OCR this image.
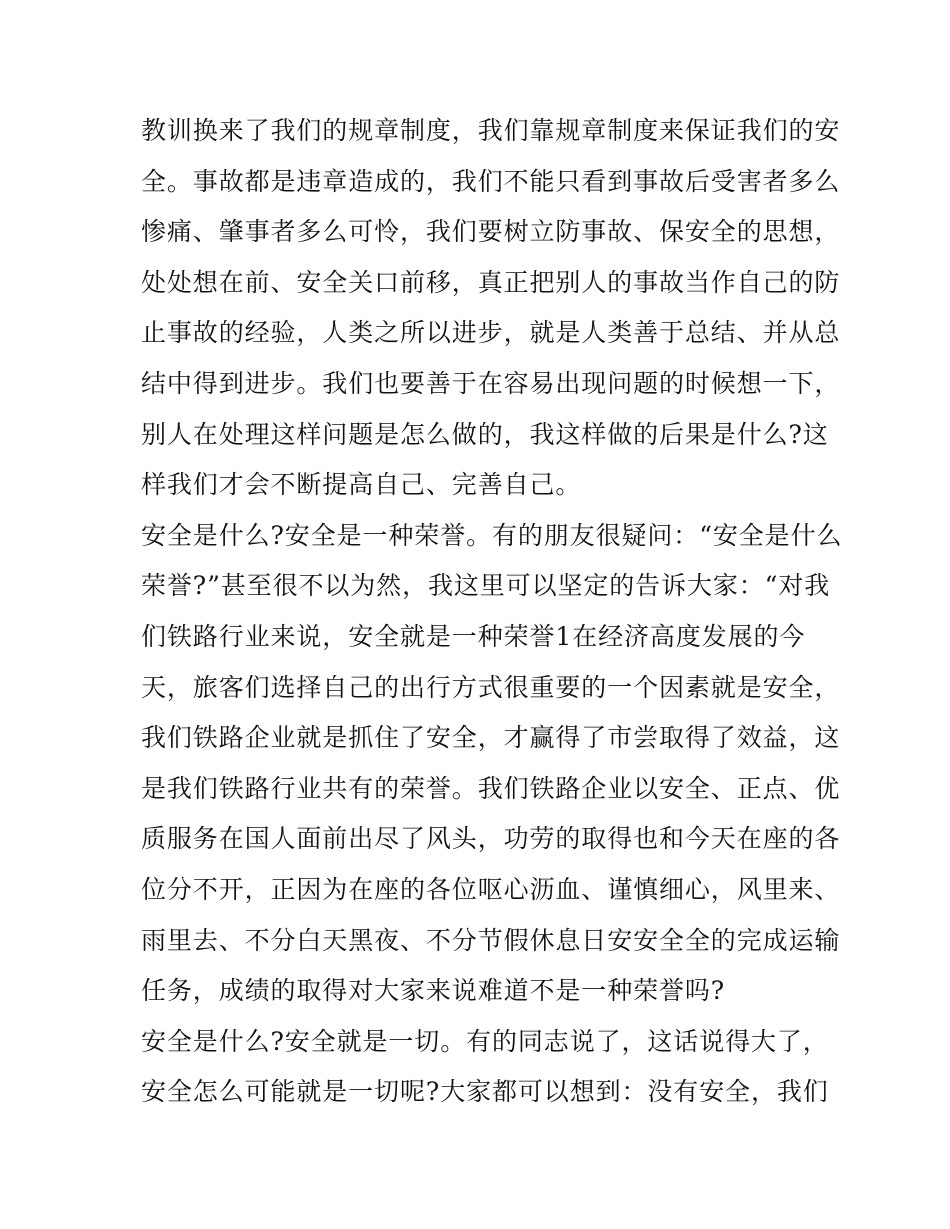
教训换来了我们的规章制度，我们靠规章制度来保证我们的安
全。事故都是违章造成的，我们不能只看到事故后受害者多么
惨痛、肇事者多么可怜，我们要树立防事故、保安全的思想，
处处想在前、安全关口前移，真正把别人的事故当作自己的防
止事故的经验，人类之所以进步，就是人类善于总结、并从总
结中得到进步。我们也要善于在容易出现问题的时候想一下，
别人在处理这样问题是怎么做的，我这样做的后果是什么?这
样我们才会不断提高自己、完善自己。
安全是什么?安全是一种荣誉。有的朋友很疑问：“安全是什么
荣誉?”甚至很不以为然，我这里可以坚定的告诉大家：“对我
们铁路行业来说，安全就是一种荣誉1在经济高度发展的今
天，旅客们选择自己的出行方式很重要的一个因素就是安全，
我们铁路企业就是抓住了安全，才赢得了市尝取得了效益，这
是我们铁路行业共有的荣誉。我们铁路企业以安全、正点、优
质服务在国人面前出尽了风头，功劳的取得也和今天在座的各
位分不开，正因为在座的各位呕心沥血、谨慎细心，风里来、
雨里去、不分白天黑夜、不分节假休息日安安全全的完成运输
任务，成绩的取得对大家来说难道不是一种荣誉吗?
安全是什么?安全就是一切。有的同志说了，这话说得大了，
安全怎么可能就是一切呢?大家都可以想到：没有安全，我们
